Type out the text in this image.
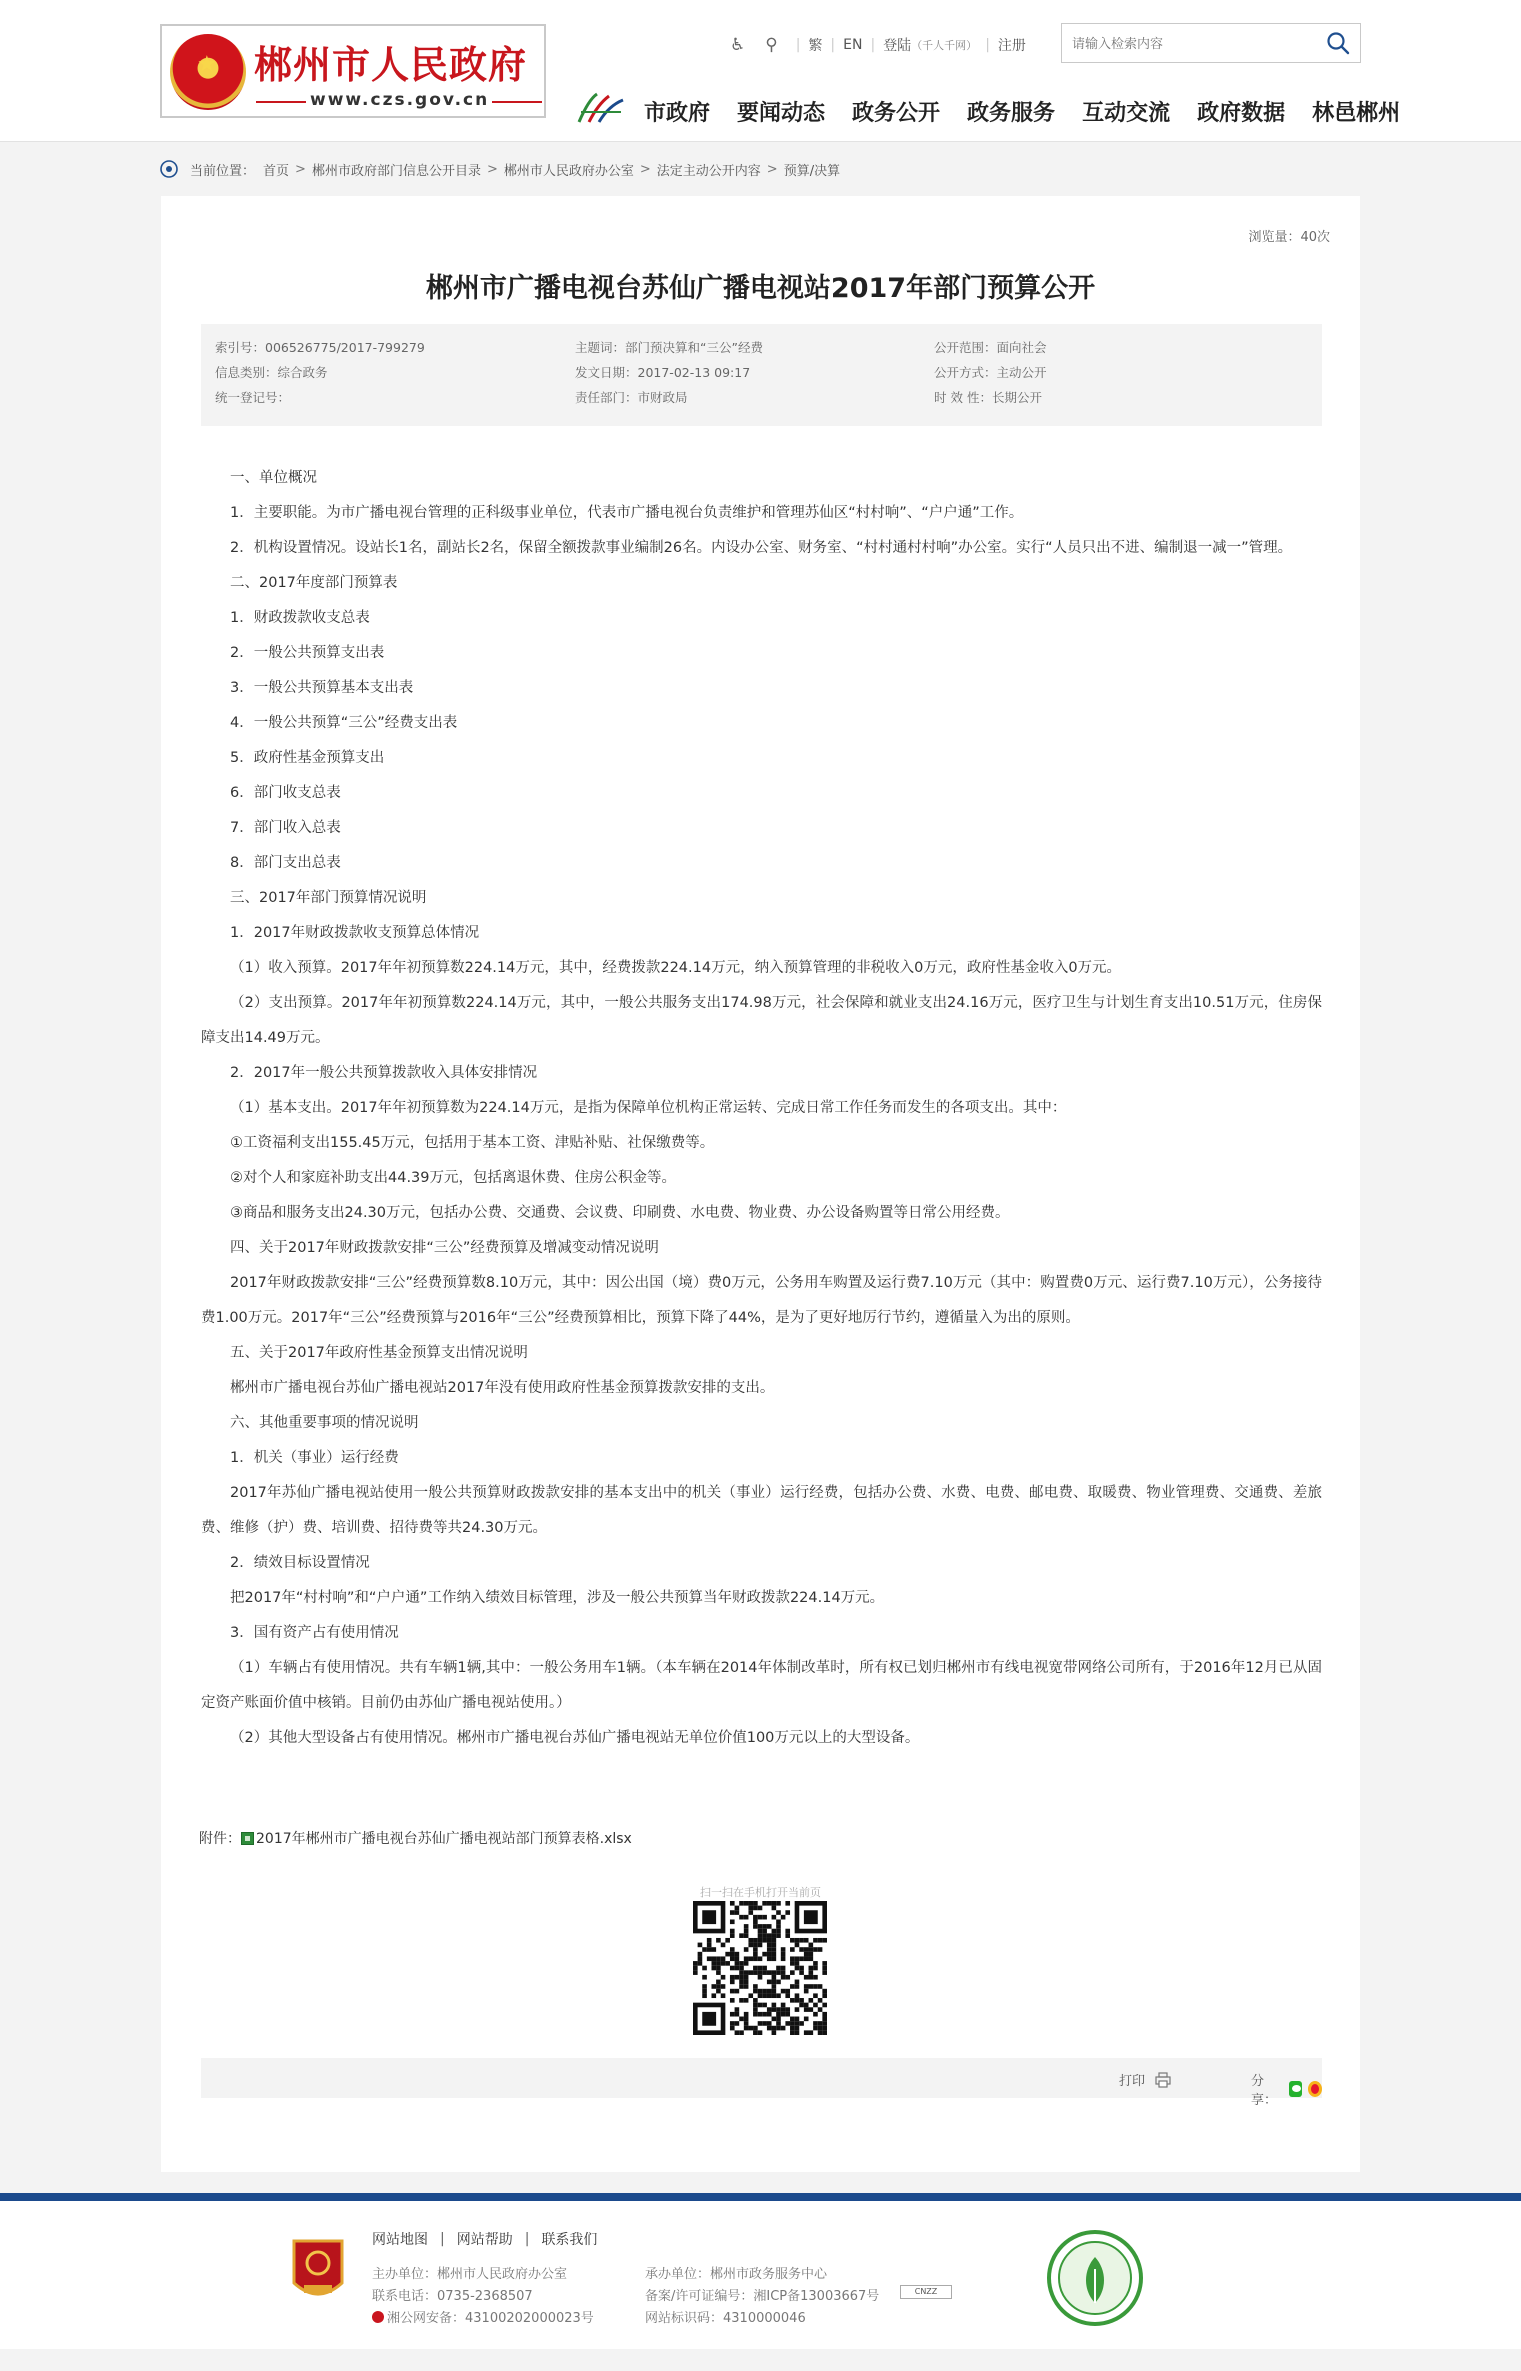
★ 郴州市人民政府
www.czs.gov.cn
♿ ⚲ | 繁 | EN | 登陆 （千人千网） | 注册
请输入检索内容
市政府 要闻动态 政务公开 政务服务 互动交流 政府数据 林邑郴州
当前位置： 首页 > 郴州市政府部门信息公开目录 > 郴州市人民政府办公室 > 法定主动公开内容 > 预算/决算
浏览量：40次
郴州市广播电视台苏仙广播电视站2017年部门预算公开
索引号：006526775/2017-799279
信息类别：综合政务
统一登记号：
主题词：部门预决算和“三公”经费
发文日期：2017-02-13 09:17
责任部门：市财政局
公开范围：面向社会
公开方式：主动公开
时 效 性：长期公开

一、单位概况

1．主要职能。为市广播电视台管理的正科级事业单位，代表市广播电视台负责维护和管理苏仙区“村村响”、“户户通”工作。

2．机构设置情况。设站长1名，副站长2名，保留全额拨款事业编制26名。内设办公室、财务室、“村村通村村响”办公室。实行“人员只出不进、编制退一减一”管理。

二、2017年度部门预算表

1．财政拨款收支总表

2．一般公共预算支出表

3．一般公共预算基本支出表

4．一般公共预算“三公”经费支出表

5．政府性基金预算支出

6．部门收支总表

7．部门收入总表

8．部门支出总表

三、2017年部门预算情况说明

1．2017年财政拨款收支预算总体情况

（1）收入预算。2017年年初预算数224.14万元，其中，经费拨款224.14万元，纳入预算管理的非税收入0万元，政府性基金收入0万元。

（2）支出预算。2017年年初预算数224.14万元，其中，一般公共服务支出174.98万元，社会保障和就业支出24.16万元，医疗卫生与计划生育支出10.51万元，住房保障支出14.49万元。

2．2017年一般公共预算拨款收入具体安排情况

（1）基本支出。2017年年初预算数为224.14万元，是指为保障单位机构正常运转、完成日常工作任务而发生的各项支出。其中：

①工资福利支出155.45万元，包括用于基本工资、津贴补贴、社保缴费等。

②对个人和家庭补助支出44.39万元，包括离退休费、住房公积金等。

③商品和服务支出24.30万元，包括办公费、交通费、会议费、印刷费、水电费、物业费、办公设备购置等日常公用经费。

四、关于2017年财政拨款安排“三公”经费预算及增减变动情况说明

2017年财政拨款安排“三公”经费预算数8.10万元，其中：因公出国（境）费0万元，公务用车购置及运行费7.10万元（其中：购置费0万元、运行费7.10万元），公务接待费1.00万元。2017年“三公”经费预算与2016年“三公”经费预算相比，预算下降了44%，是为了更好地厉行节约，遵循量入为出的原则。

五、关于2017年政府性基金预算支出情况说明

郴州市广播电视台苏仙广播电视站2017年没有使用政府性基金预算拨款安排的支出。

六、其他重要事项的情况说明

1．机关（事业）运行经费

2017年苏仙广播电视站使用一般公共预算财政拨款安排的基本支出中的机关（事业）运行经费，包括办公费、水费、电费、邮电费、取暖费、物业管理费、交通费、差旅费、维修（护）费、培训费、招待费等共24.30万元。

2．绩效目标设置情况

把2017年“村村响”和“户户通”工作纳入绩效目标管理，涉及一般公共预算当年财政拨款224.14万元。

3．国有资产占有使用情况

（1）车辆占有使用情况。共有车辆1辆,其中：一般公务用车1辆。（本车辆在2014年体制改革时，所有权已划归郴州市有线电视宽带网络公司所有，于2016年12月已从固定资产账面价值中核销。目前仍由苏仙广播电视站使用。）

（2）其他大型设备占有使用情况。郴州市广播电视台苏仙广播电视站无单位价值100万元以上的大型设备。

附件： 2017年郴州市广播电视台苏仙广播电视站部门预算表格.xlsx
扫一扫在手机打开当前页
打印	分享：
网站地图 | 网站帮助 | 联系我们
主办单位：郴州市人民政府办公室
联系电话：0735-2368507
湘公网安备：43100202000023号
承办单位：郴州市政务服务中心
备案/许可证编号：湘ICP备13003667号
网站标识码：4310000046
CNZZ
